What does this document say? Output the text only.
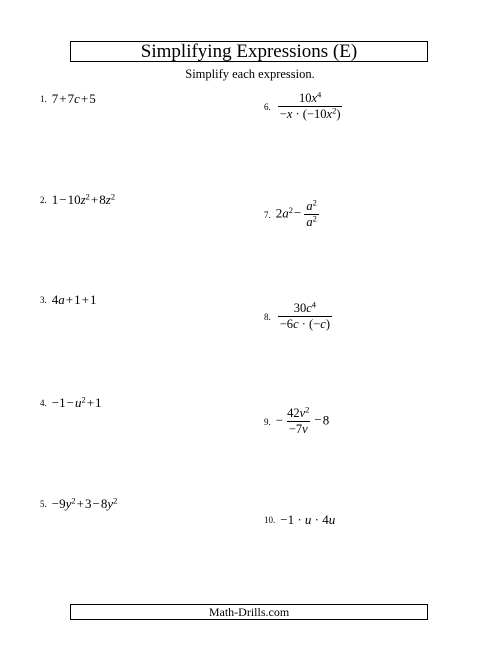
Simplifying Expressions (E)
Simplify each expression.
1. 7+7c+5
2. $1-10z^2+8z^2$
3. 4a+1+1
4. $-1-u^2+1$
5. $-9y^2+3-8y^2$
6. $\frac{10x^4}{-x \cdot (-10x^2)}$
7. $2a^2- \frac{a^2}{a^2}$
8. $\frac{30c^4}{-6c \cdot (-c)}$
9. − $\frac{42v^2}{-7v} -8$
10. −1 · u · 4u
Math-Drills.com
